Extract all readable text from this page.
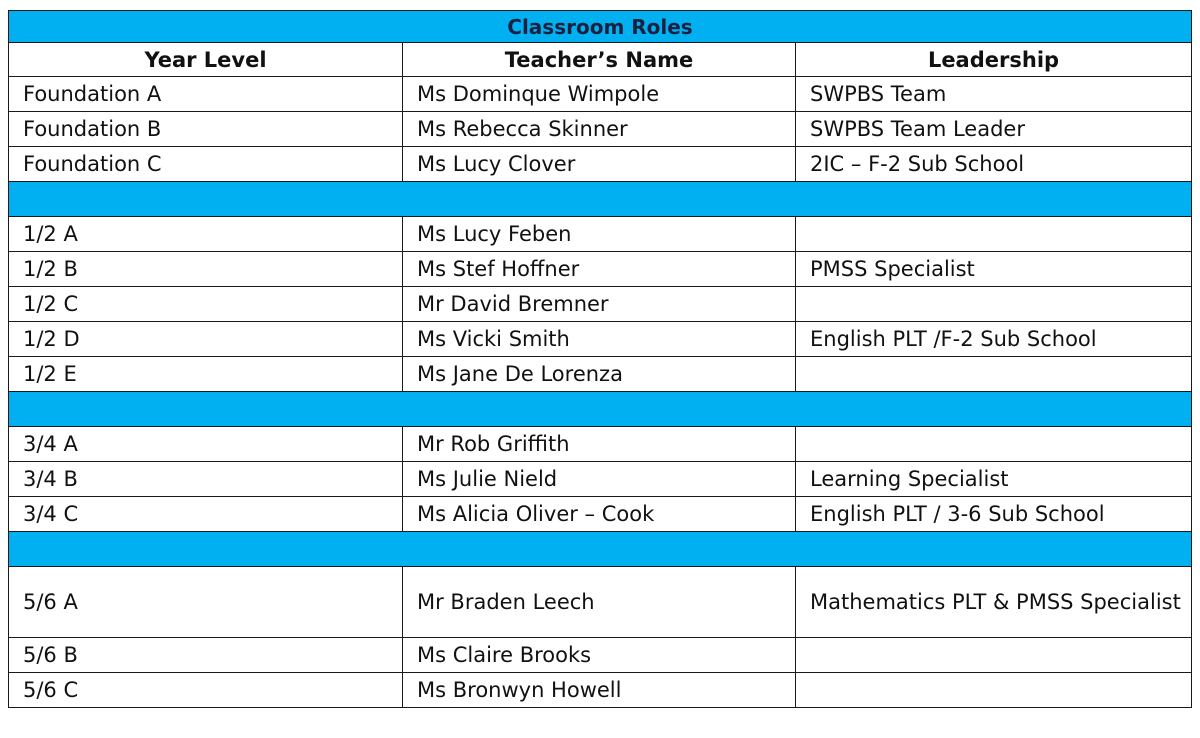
Classroom Roles		
Year Level	Teacher’s Name	Leadership
Foundation A	Ms Dominque Wimpole	SWPBS Team
Foundation B	Ms Rebecca Skinner	SWPBS Team Leader
Foundation C	Ms Lucy Clover	2IC – F-2 Sub School

1/2 A	Ms Lucy Feben	
1/2 B	Ms Stef Hoffner	PMSS Specialist
1/2 C	Mr David Bremner	
1/2 D	Ms Vicki Smith	English PLT /F-2 Sub School
1/2 E	Ms Jane De Lorenza	

3/4 A	Mr Rob Griffith	
3/4 B	Ms Julie Nield	Learning Specialist
3/4 C	Ms Alicia Oliver – Cook	English PLT / 3-6 Sub School

5/6 A	Mr Braden Leech	Mathematics PLT & PMSS Specialist
5/6 B	Ms Claire Brooks	
5/6 C	Ms Bronwyn Howell	
